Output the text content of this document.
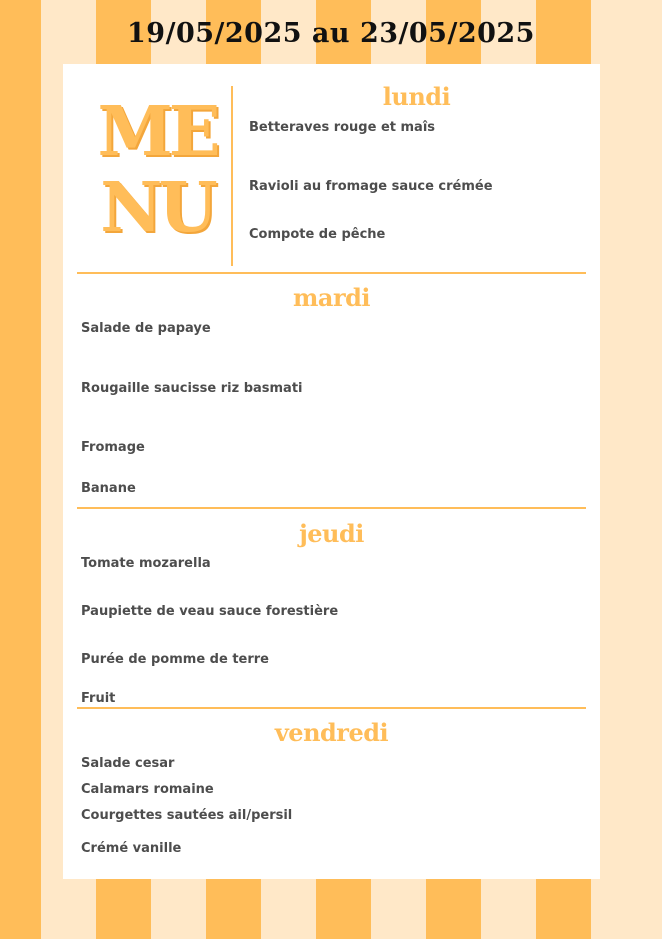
19/05/2025 au 23/05/2025
ME
NU
lundi
Betteraves rouge et maîs
Ravioli au fromage sauce crémée
Compote de pêche
mardi
Salade de papaye
Rougaille saucisse riz basmati
Fromage
Banane
jeudi
Tomate mozarella
Paupiette de veau sauce forestière
Purée de pomme de terre
Fruit
vendredi
Salade cesar
Calamars romaine
Courgettes sautées ail/persil
Crémé vanille
